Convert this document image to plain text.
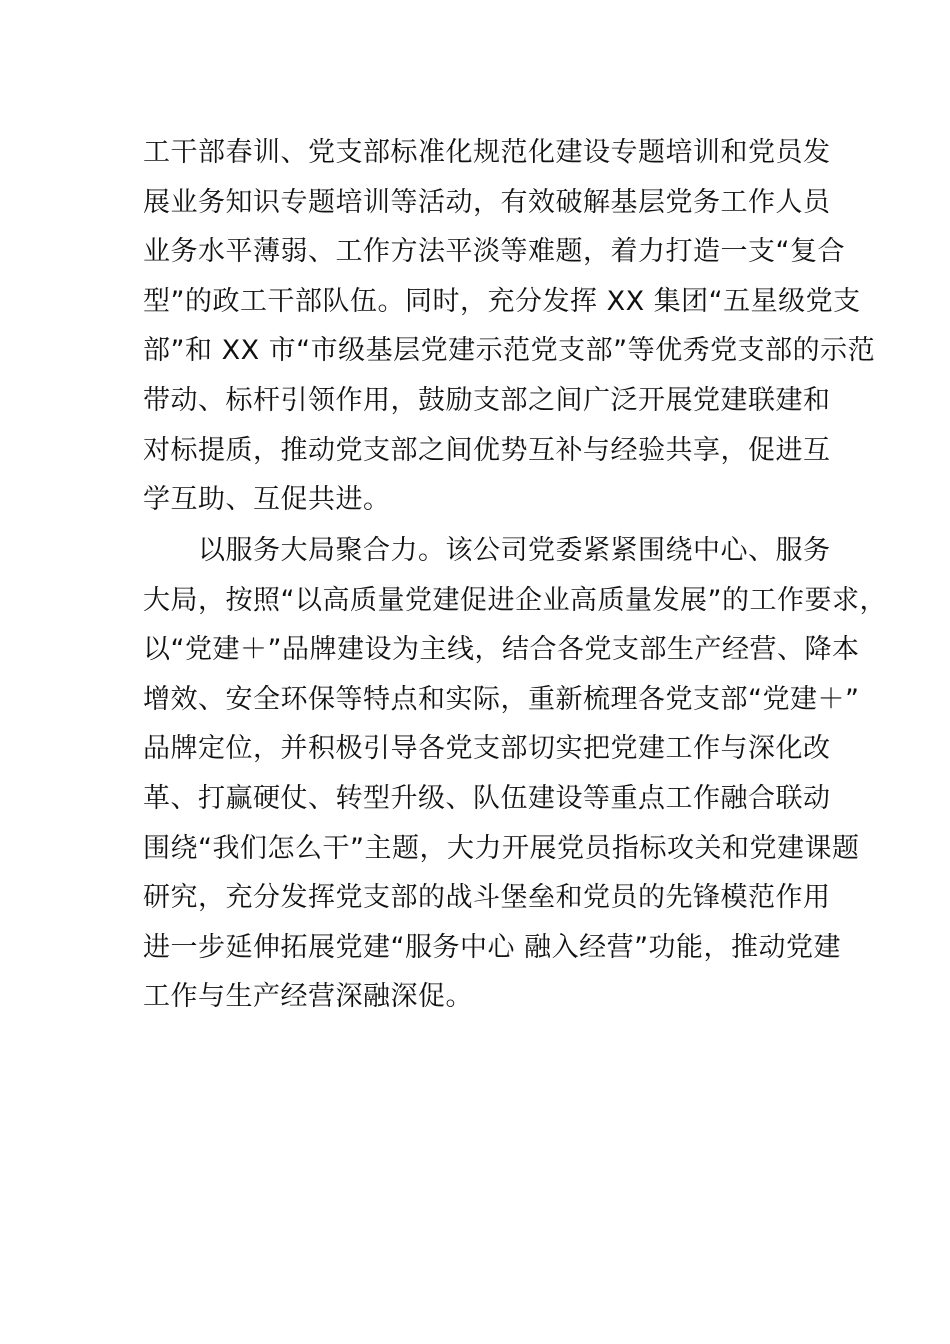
工干部春训、党支部标准化规范化建设专题培训和党员发
展业务知识专题培训等活动，有效破解基层党务工作人员
业务水平薄弱、工作方法平淡等难题，着力打造一支“复合
型”的政工干部队伍。同时，充分发挥 XX 集团“五星级党支
部”和 XX 市“市级基层党建示范党支部”等优秀党支部的示范
带动、标杆引领作用，鼓励支部之间广泛开展党建联建和
对标提质，推动党支部之间优势互补与经验共享，促进互
学互助、互促共进。
　　以服务大局聚合力。该公司党委紧紧围绕中心、服务
大局，按照“以高质量党建促进企业高质量发展”的工作要求，
以“党建＋”品牌建设为主线，结合各党支部生产经营、降本
增效、安全环保等特点和实际，重新梳理各党支部“党建＋”
品牌定位，并积极引导各党支部切实把党建工作与深化改
革、打赢硬仗、转型升级、队伍建设等重点工作融合联动
围绕“我们怎么干”主题，大力开展党员指标攻关和党建课题
研究，充分发挥党支部的战斗堡垒和党员的先锋模范作用
进一步延伸拓展党建“服务中心 融入经营”功能，推动党建
工作与生产经营深融深促。
